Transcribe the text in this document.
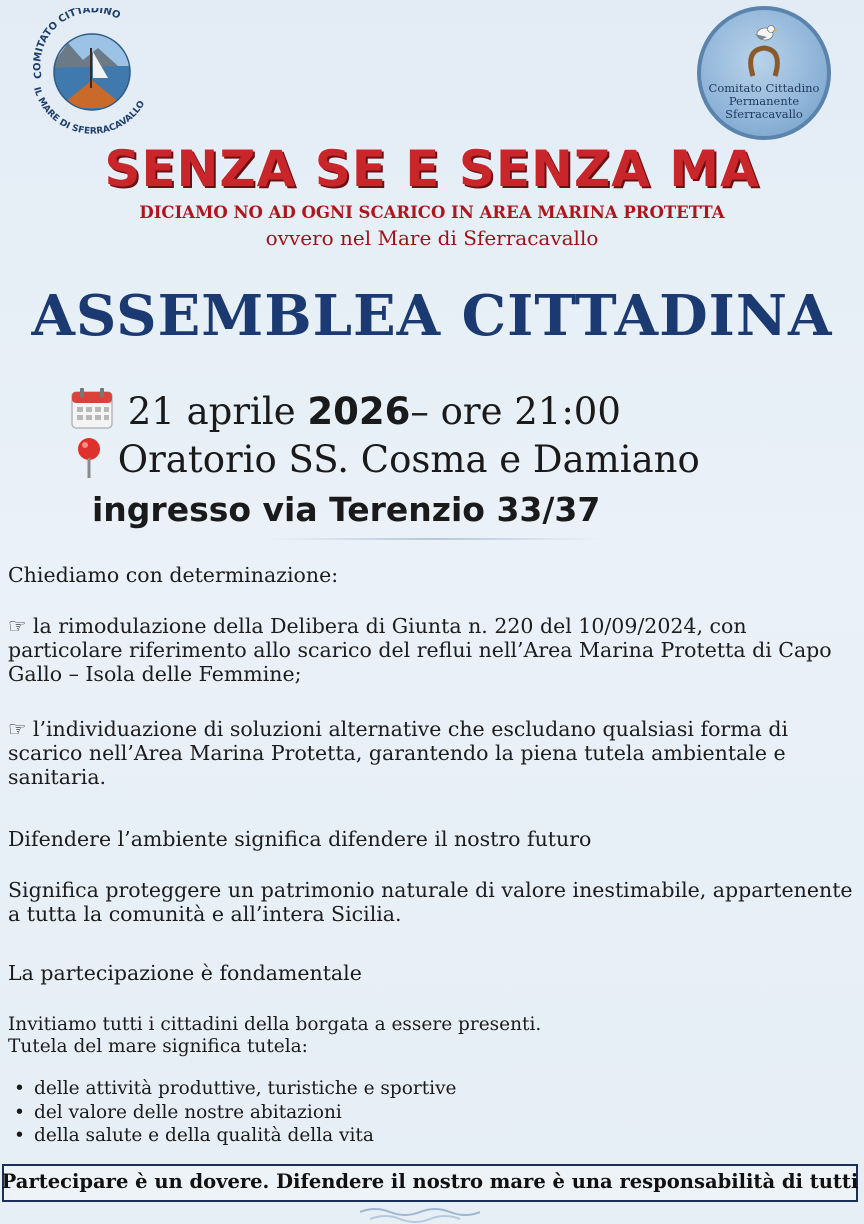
COMITATO CITTADINO
IL MARE DI SFERRACAVALLO
Comitato Cittadino
Permanente
Sferracavallo
SENZA SE E SENZA MA
DICIAMO NO AD OGNI SCARICO IN AREA MARINA PROTETTA
ovvero nel Mare di Sferracavallo
ASSEMBLEA CITTADINA
21 aprile 2026– ore 21:00
Oratorio SS. Cosma e Damiano
ingresso via Terenzio 33/37
Chiediamo con determinazione:
☞ la rimodulazione della Delibera di Giunta n. 220 del 10/09/2024, con particolare riferimento allo scarico del reflui nell’Area Marina Protetta di Capo Gallo – Isola delle Femmine;
☞ l’individuazione di soluzioni alternative che escludano qualsiasi forma di scarico nell’Area Marina Protetta, garantendo la piena tutela ambientale e sanitaria.
Difendere l’ambiente significa difendere il nostro futuro
Significa proteggere un patrimonio naturale di valore inestimabile, appartenente a tutta la comunità e all’intera Sicilia.
La partecipazione è fondamentale
Invitiamo tutti i cittadini della borgata a essere presenti.
Tutela del mare significa tutela:
• delle attività produttive, turistiche e sportive
• del valore delle nostre abitazioni
• della salute e della qualità della vita
Partecipare è un dovere. Difendere il nostro mare è una responsabilità di tutti
